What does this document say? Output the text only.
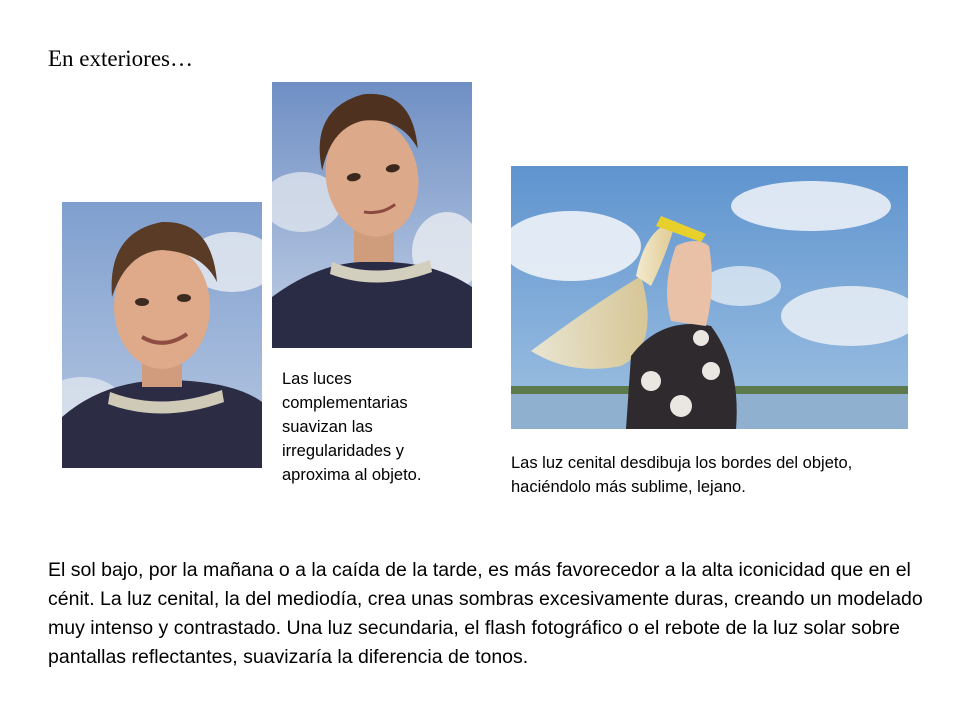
En exteriores…
Las luces complementarias suavizan las irregularidades y aproxima al objeto.
Las luz cenital desdibuja los bordes del objeto, haciéndolo más sublime, lejano.
El sol bajo, por la mañana o a la caída de la tarde, es más favorecedor a la alta iconicidad que en el cénit. La luz cenital, la del mediodía, crea unas sombras excesivamente duras, creando un modelado muy intenso y contrastado. Una luz secundaria, el flash fotográfico o el rebote de la luz solar sobre pantallas reflectantes, suavizaría la diferencia de tonos.
